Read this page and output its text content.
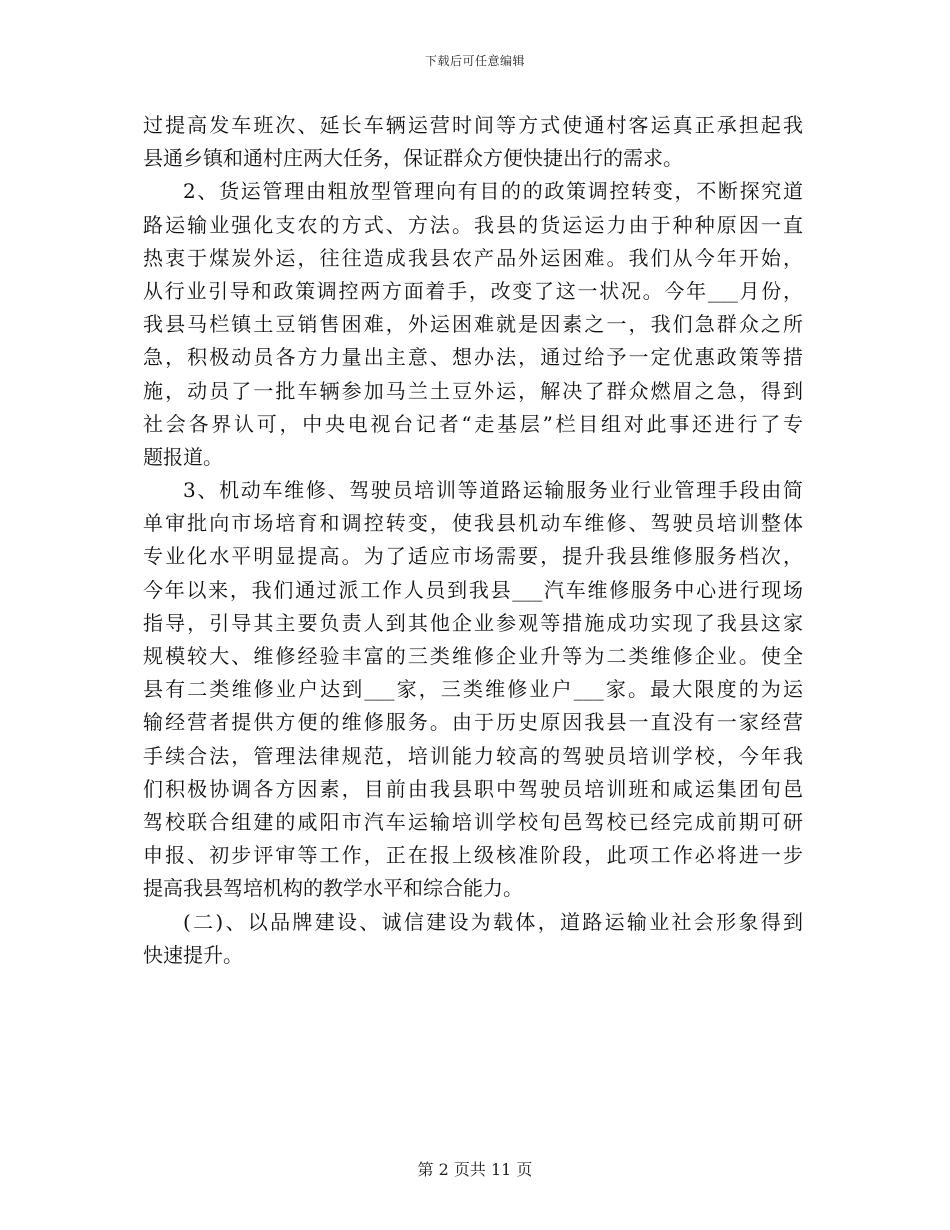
下载后可任意编辑
过提高发车班次、延长车辆运营时间等方式使通村客运真正承担起我
县通乡镇和通村庄两大任务，保证群众方便快捷出行的需求。
2、货运管理由粗放型管理向有目的的政策调控转变，不断探究道
路运输业强化支农的方式、方法。我县的货运运力由于种种原因一直
热衷于煤炭外运，往往造成我县农产品外运困难。我们从今年开始，
从行业引导和政策调控两方面着手，改变了这一状况。今年___月份，
我县马栏镇土豆销售困难，外运困难就是因素之一，我们急群众之所
急，积极动员各方力量出主意、想办法，通过给予一定优惠政策等措
施，动员了一批车辆参加马兰土豆外运，解决了群众燃眉之急，得到
社会各界认可，中央电视台记者“走基层”栏目组对此事还进行了专
题报道。
3、机动车维修、驾驶员培训等道路运输服务业行业管理手段由简
单审批向市场培育和调控转变，使我县机动车维修、驾驶员培训整体
专业化水平明显提高。为了适应市场需要，提升我县维修服务档次，
今年以来，我们通过派工作人员到我县___汽车维修服务中心进行现场
指导，引导其主要负责人到其他企业参观等措施成功实现了我县这家
规模较大、维修经验丰富的三类维修企业升等为二类维修企业。使全
县有二类维修业户达到___家，三类维修业户___家。最大限度的为运
输经营者提供方便的维修服务。由于历史原因我县一直没有一家经营
手续合法，管理法律规范，培训能力较高的驾驶员培训学校，今年我
们积极协调各方因素，目前由我县职中驾驶员培训班和咸运集团旬邑
驾校联合组建的咸阳市汽车运输培训学校旬邑驾校已经完成前期可研
申报、初步评审等工作，正在报上级核准阶段，此项工作必将进一步
提高我县驾培机构的教学水平和综合能力。
(二)、以品牌建设、诚信建设为载体，道路运输业社会形象得到
快速提升。
第 2 页共 11 页
